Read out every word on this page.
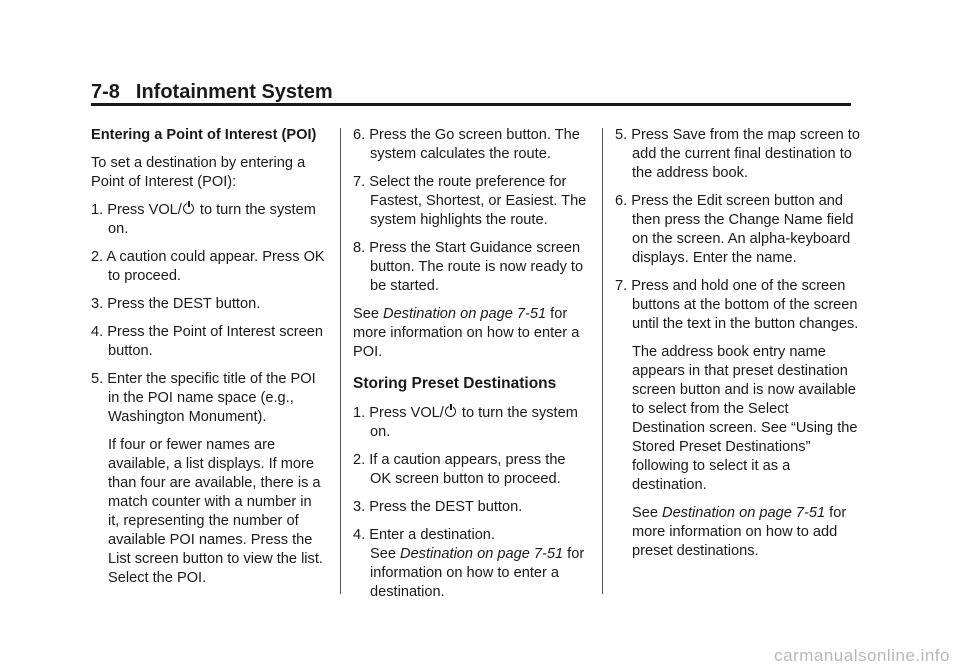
7-8 Infotainment System

Entering a Point of Interest (POI)

To set a destination by entering a Point of Interest (POI):

1. Press VOL/ to turn the system on.

2. A caution could appear. Press OK to proceed.

3. Press the DEST button.

4. Press the Point of Interest screen button.

5. Enter the specific title of the POI in the POI name space (e.g., Washington Monument).

If four or fewer names are available, a list displays. If more than four are available, there is a match counter with a number in it, representing the number of available POI names. Press the List screen button to view the list. Select the POI.

6. Press the Go screen button. The system calculates the route.

7. Select the route preference for Fastest, Shortest, or Easiest. The system highlights the route.

8. Press the Start Guidance screen button. The route is now ready to be started.

See Destination on page 7-51 for more information on how to enter a POI.

Storing Preset Destinations

1. Press VOL/ to turn the system on.

2. If a caution appears, press the OK screen button to proceed.

3. Press the DEST button.

4. Enter a destination.

See Destination on page 7-51 for information on how to enter a destination.

5. Press Save from the map screen to add the current final destination to the address book.

6. Press the Edit screen button and then press the Change Name field on the screen. An alpha-keyboard displays. Enter the name.

7. Press and hold one of the screen buttons at the bottom of the screen until the text in the button changes.

The address book entry name appears in that preset destination screen button and is now available to select from the Select Destination screen. See “Using the Stored Preset Destinations” following to select it as a destination.

See Destination on page 7-51 for more information on how to add preset destinations.

carmanualsonline.info
